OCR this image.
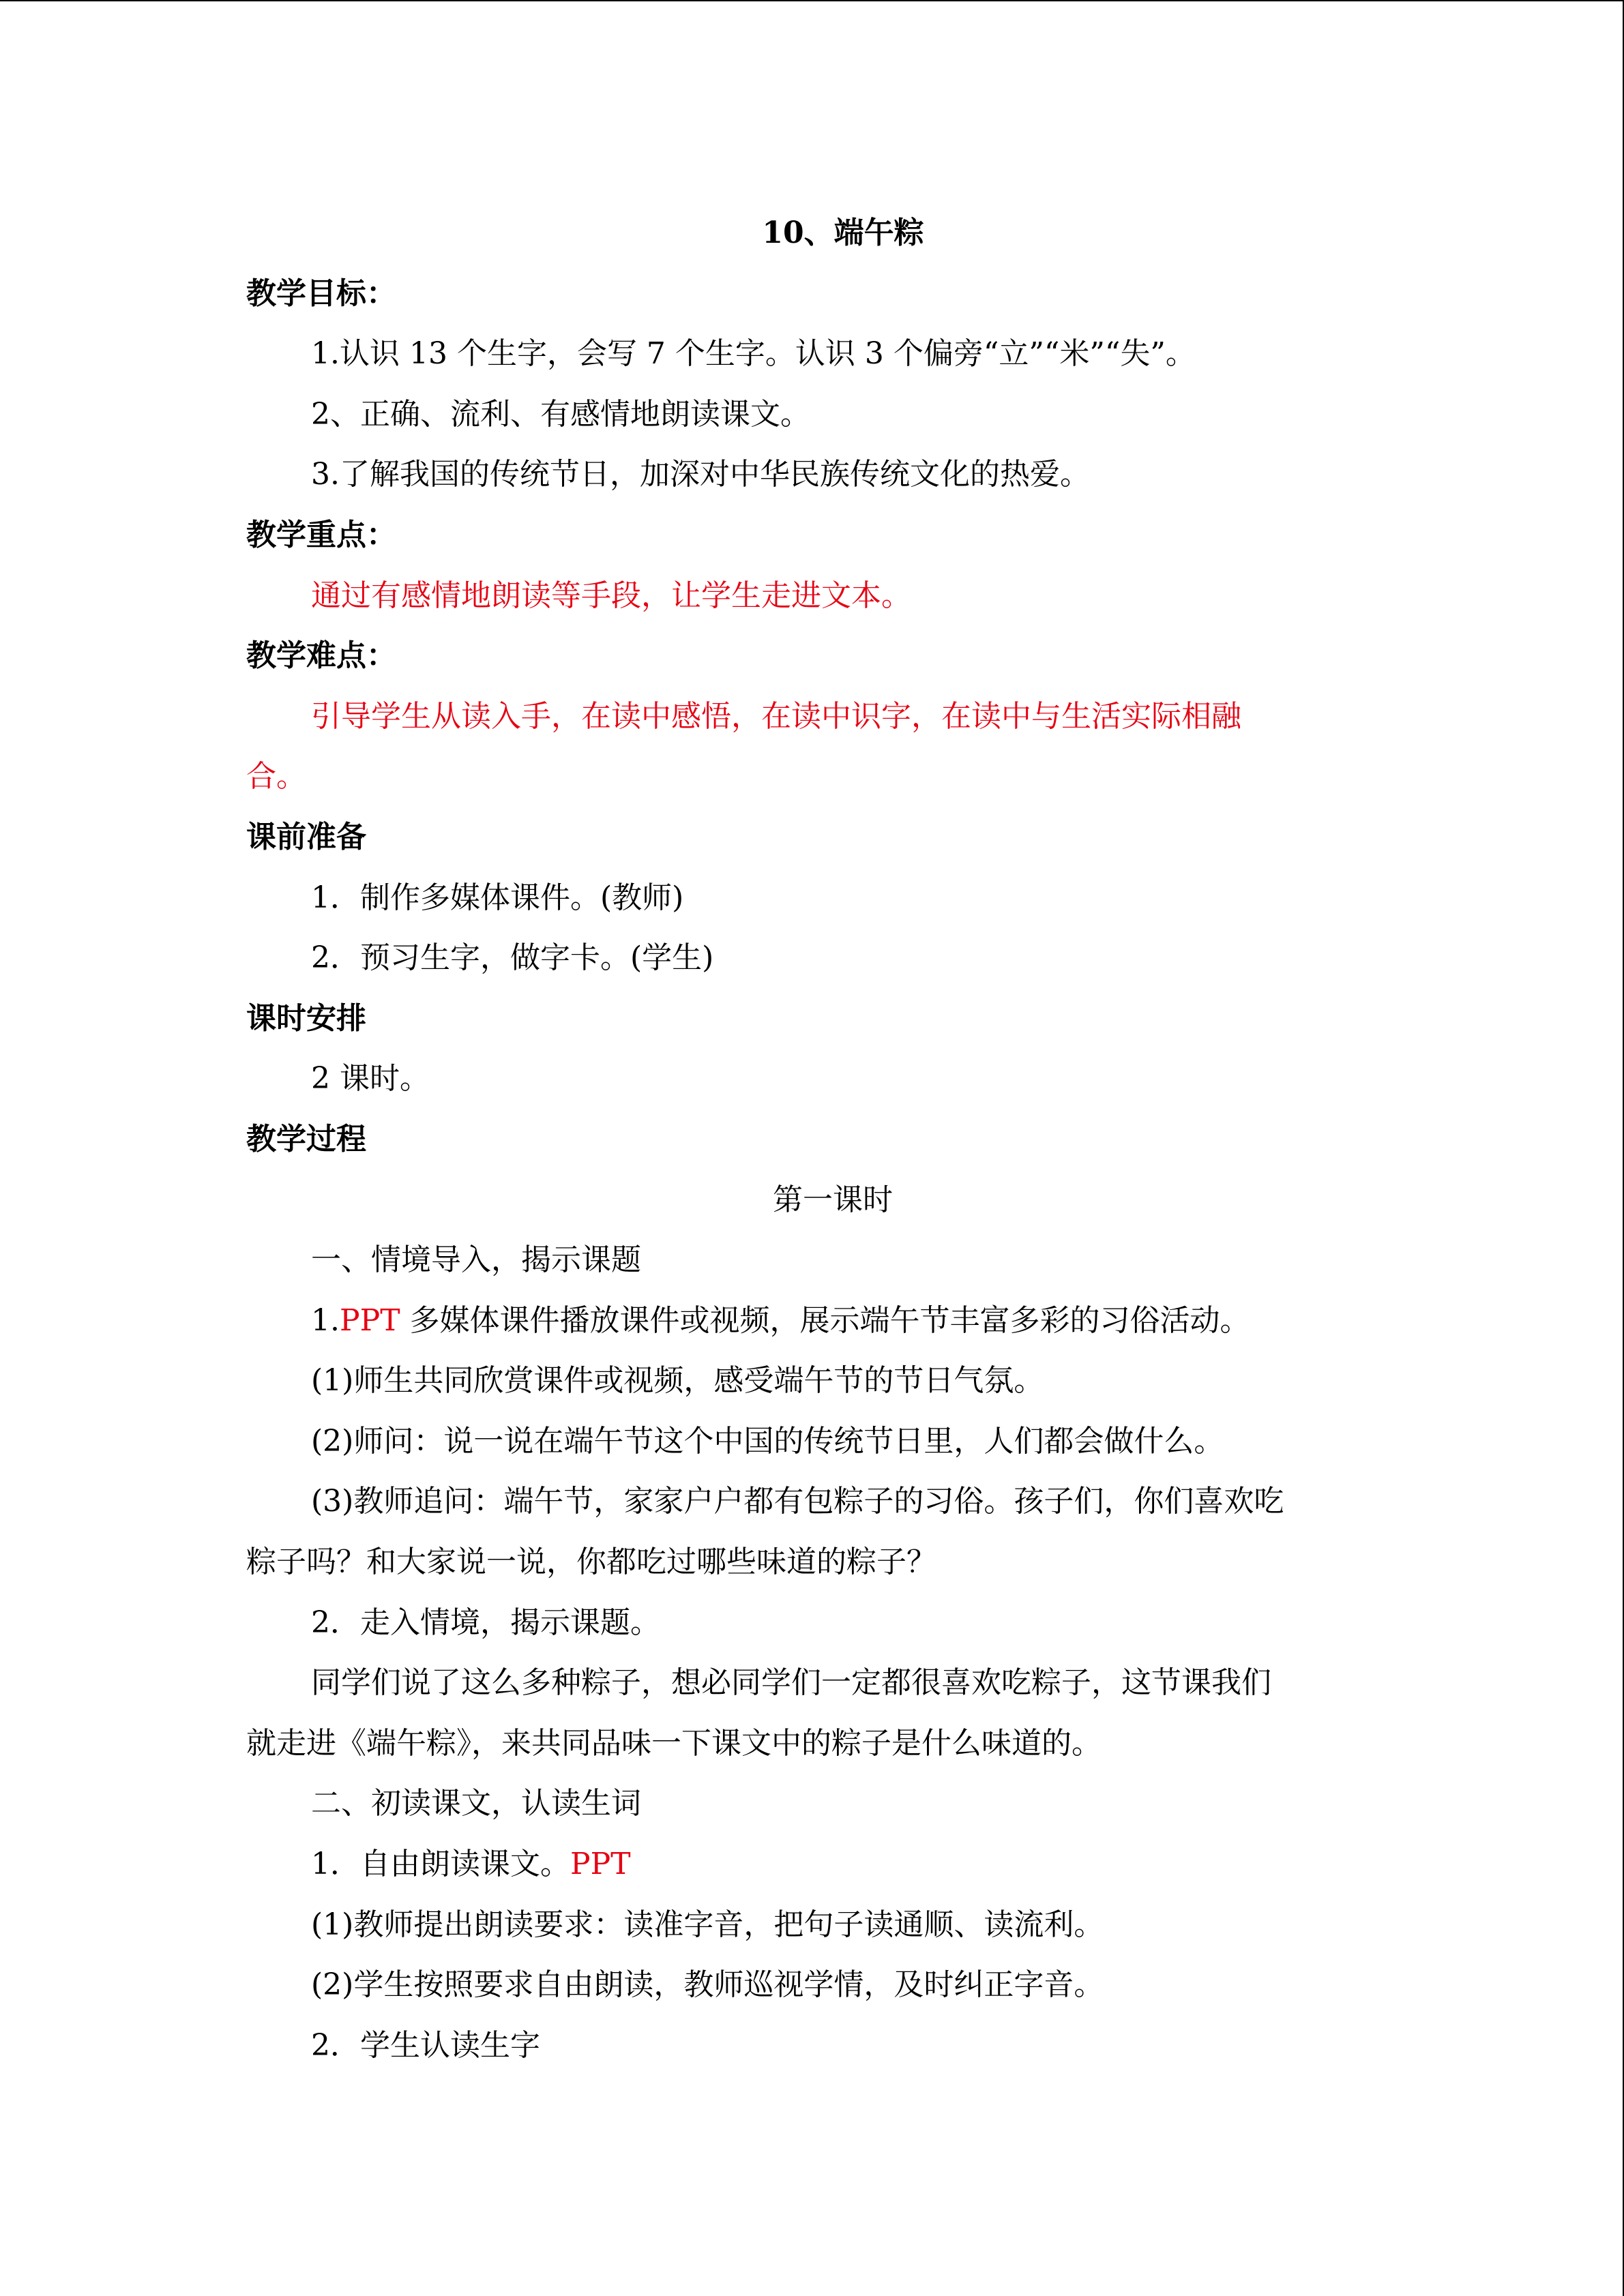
10、端午粽
教学目标：
1.认识 13 个生字，会写 7 个生字。认识 3 个偏旁“立”“米”“失”。
2、正确、流利、有感情地朗读课文。
3.了解我国的传统节日，加深对中华民族传统文化的热爱。
教学重点：
通过有感情地朗读等手段，让学生走进文本。
教学难点：
引导学生从读入手，在读中感悟，在读中识字，在读中与生活实际相融
合。
课前准备
1．制作多媒体课件。(教师)
2．预习生字，做字卡。(学生)
课时安排
2 课时。
教学过程
第一课时
一、情境导入，揭示课题
1.PPT 多媒体课件播放课件或视频，展示端午节丰富多彩的习俗活动。
(1)师生共同欣赏课件或视频，感受端午节的节日气氛。
(2)师问：说一说在端午节这个中国的传统节日里，人们都会做什么。
(3)教师追问：端午节，家家户户都有包粽子的习俗。孩子们，你们喜欢吃
粽子吗？和大家说一说，你都吃过哪些味道的粽子？
2．走入情境，揭示课题。
同学们说了这么多种粽子，想必同学们一定都很喜欢吃粽子，这节课我们
就走进《端午粽》，来共同品味一下课文中的粽子是什么味道的。
二、初读课文，认读生词
1．自由朗读课文。PPT
(1)教师提出朗读要求：读准字音，把句子读通顺、读流利。
(2)学生按照要求自由朗读，教师巡视学情，及时纠正字音。
2．学生认读生字
